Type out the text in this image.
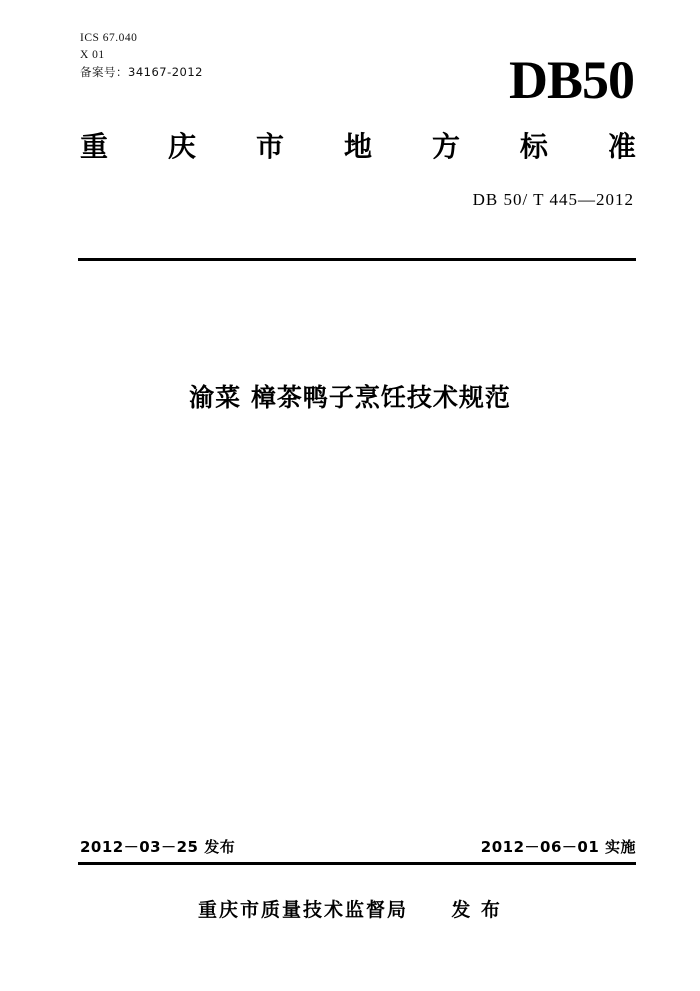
ICS 67.040
X 01
备案号：34167-2012	DB50
重 庆 市 地 方 标 准
DB 50/ T 445—2012
渝菜 樟茶鸭子烹饪技术规范
2012－03－25 发布	2012－06－01 实施
重庆市质量技术监督局 发 布
